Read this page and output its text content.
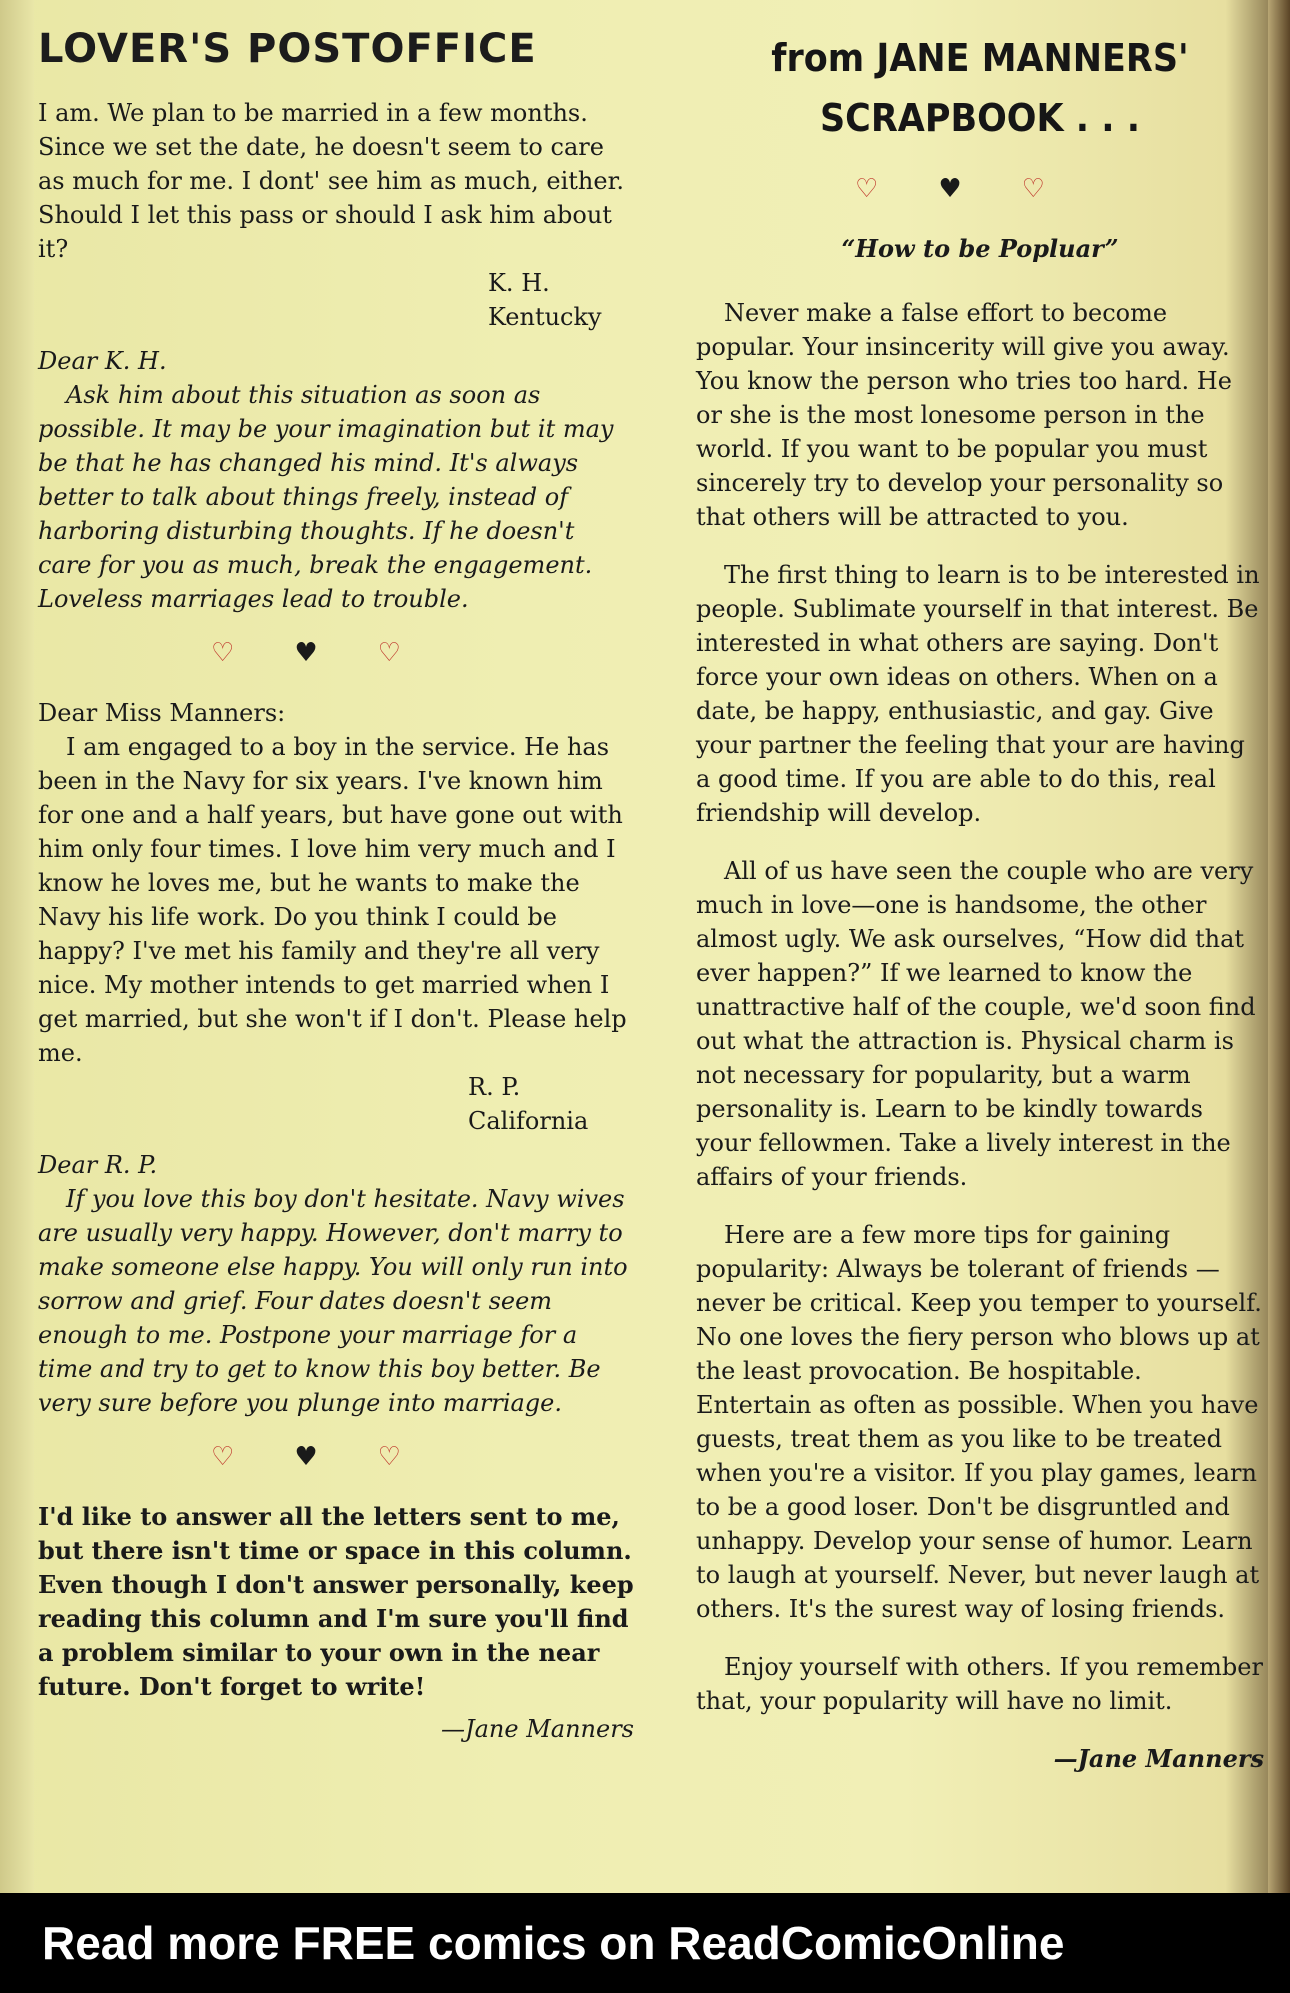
LOVER'S POSTOFFICE

I am. We plan to be married in a few months. Since we set the date, he doesn't seem to care as much for me. I dont' see him as much, either. Should I let this pass or should I ask him about it?

K. H.

Kentucky

Dear K. H.

Ask him about this situation as soon as possible. It may be your imagination but it may be that he has changed his mind. It's always better to talk about things freely, instead of harboring disturbing thoughts. If he doesn't care for you as much, break the engagement. Loveless marriages lead to trouble.

♡♥♡

Dear Miss Manners:

I am engaged to a boy in the service. He has been in the Navy for six years. I've known him for one and a half years, but have gone out with him only four times. I love him very much and I know he loves me, but he wants to make the Navy his life work. Do you think I could be happy? I've met his family and they're all very nice. My mother intends to get married when I get married, but she won't if I don't. Please help me.

R. P.

California

Dear R. P.

If you love this boy don't hesitate. Navy wives are usually very happy. However, don't marry to make someone else happy. You will only run into sorrow and grief. Four dates doesn't seem enough to me. Postpone your marriage for a time and try to get to know this boy better. Be very sure before you plunge into marriage.

♡♥♡

I'd like to answer all the letters sent to me, but there isn't time or space in this column. Even though I don't answer personally, keep reading this column and I'm sure you'll find a problem similar to your own in the near future. Don't forget to write!

—Jane Manners

from JANE MANNERS'
SCRAPBOOK . . .
♡♥♡

“How to be Popluar”

Never make a false effort to become popular. Your insincerity will give you away. You know the person who tries too hard. He or she is the most lonesome person in the world. If you want to be popular you must sincerely try to develop your personality so that others will be attracted to you.

The first thing to learn is to be interested in people. Sublimate yourself in that interest. Be interested in what others are saying. Don't force your own ideas on others. When on a date, be happy, enthusiastic, and gay. Give your partner the feeling that your are having a good time. If you are able to do this, real friendship will develop.

All of us have seen the couple who are very much in love—one is handsome, the other almost ugly. We ask ourselves, “How did that ever happen?” If we learned to know the unattractive half of the couple, we'd soon find out what the attraction is. Physical charm is not necessary for popularity, but a warm personality is. Learn to be kindly towards your fellowmen. Take a lively interest in the affairs of your friends.

Here are a few more tips for gaining popularity: Always be tolerant of friends — never be critical. Keep you temper to yourself. No one loves the fiery person who blows up at the least provocation. Be hospitable. Entertain as often as possible. When you have guests, treat them as you like to be treated when you're a visitor. If you play games, learn to be a good loser. Don't be disgruntled and unhappy. Develop your sense of humor. Learn to laugh at yourself. Never, but never laugh at others. It's the surest way of losing friends.

Enjoy yourself with others. If you remember that, your popularity will have no limit.

—Jane Manners

Read more FREE comics on ReadComicOnline
